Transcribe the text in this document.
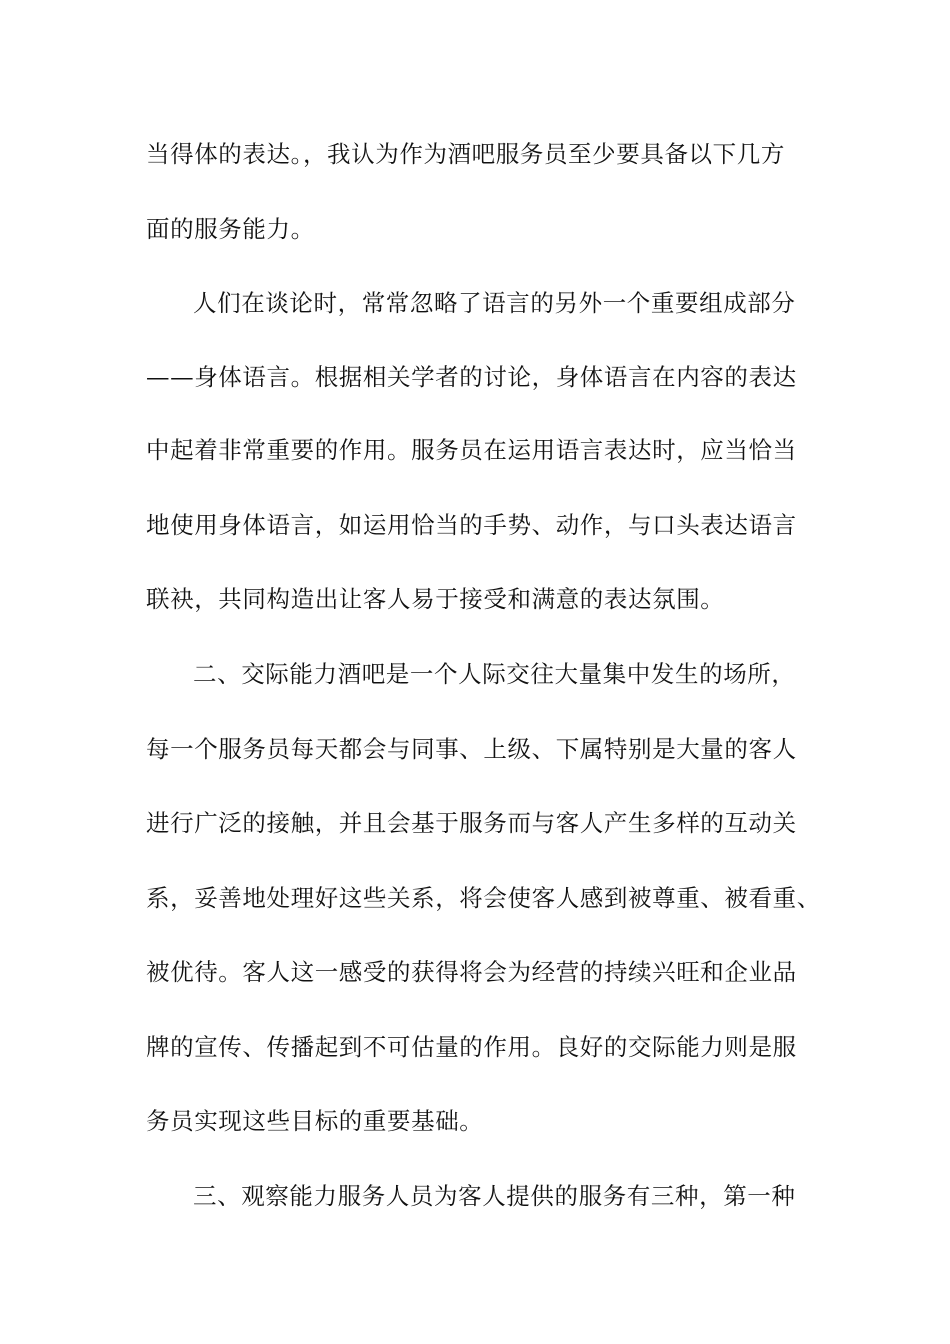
当得体的表达。，我认为作为酒吧服务员至少要具备以下几方
面的服务能力。
人们在谈论时，常常忽略了语言的另外一个重要组成部分
——身体语言。根据相关学者的讨论，身体语言在内容的表达
中起着非常重要的作用。服务员在运用语言表达时，应当恰当
地使用身体语言，如运用恰当的手势、动作，与口头表达语言
联袂，共同构造出让客人易于接受和满意的表达氛围。
二、交际能力酒吧是一个人际交往大量集中发生的场所，
每一个服务员每天都会与同事、上级、下属特别是大量的客人
进行广泛的接触，并且会基于服务而与客人产生多样的互动关
系，妥善地处理好这些关系，将会使客人感到被尊重、被看重、
被优待。客人这一感受的获得将会为经营的持续兴旺和企业品
牌的宣传、传播起到不可估量的作用。良好的交际能力则是服
务员实现这些目标的重要基础。
三、观察能力服务人员为客人提供的服务有三种，第一种
